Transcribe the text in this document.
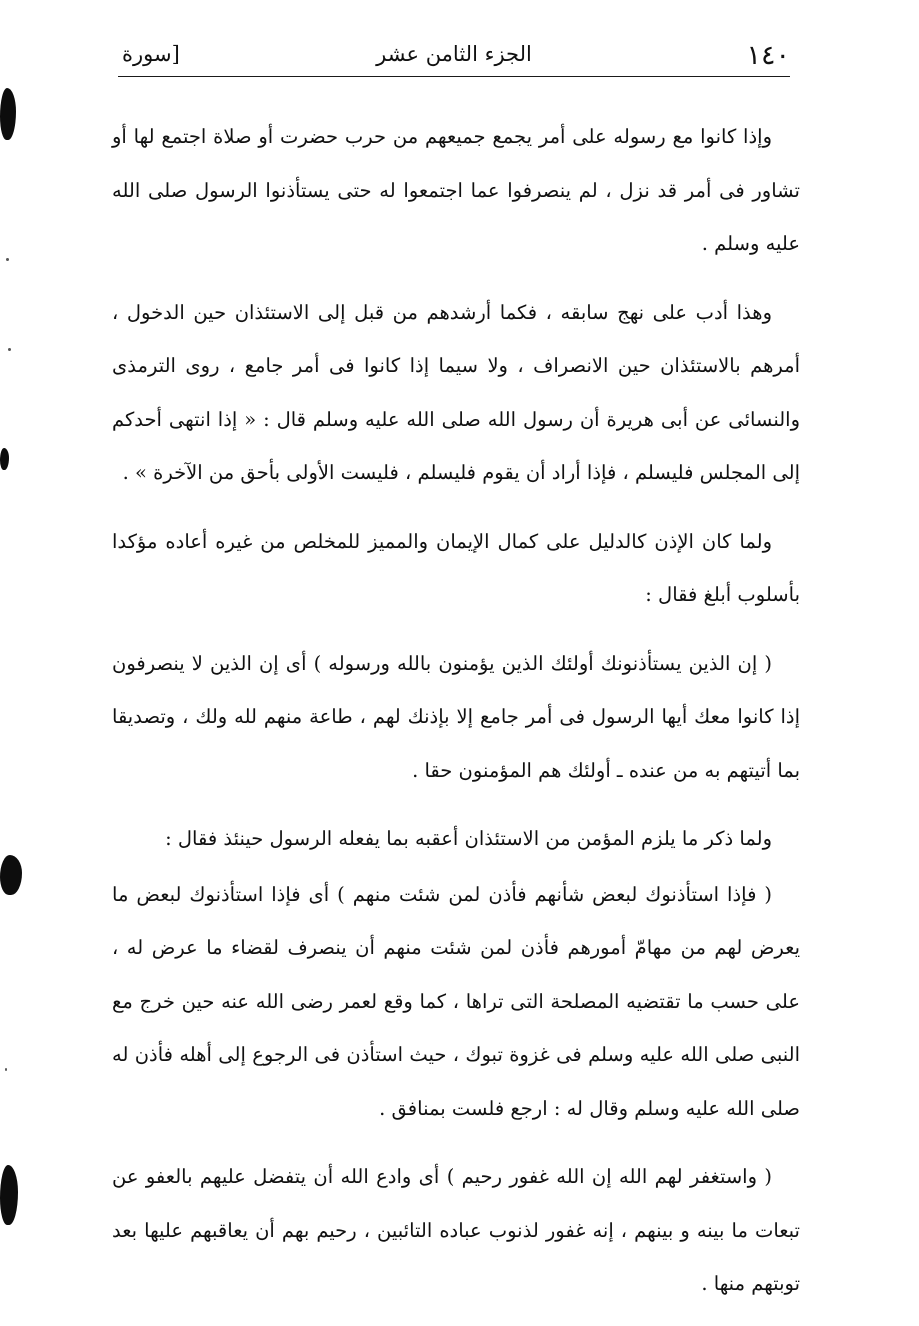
١٤٠
الجزء الثامن عشر
[سورة

وإذا كانوا مع رسوله على أمر يجمع جميعهم من حرب حضرت أو صلاة اجتمع لها أو تشاور فى أمر قد نزل ، لم ينصرفوا عما اجتمعوا له حتى يستأذنوا الرسول صلى الله عليه وسلم .

وهذا أدب على نهج سابقه ، فكما أرشدهم من قبل إلى الاستئذان حين الدخول ، أمرهم بالاستئذان حين الانصراف ، ولا سيما إذا كانوا فى أمر جامع ، روى الترمذى والنسائى عن أبى هريرة أن رسول الله صلى الله عليه وسلم قال : « إذا انتهى أحدكم إلى المجلس فليسلم ، فإذا أراد أن يقوم فليسلم ، فليست الأولى بأحق من الآخرة » .

ولما كان الإذن كالدليل على كمال الإيمان والمميز للمخلص من غيره أعاده مؤكدا بأسلوب أبلغ فقال :

( إن الذين يستأذنونك أولئك الذين يؤمنون بالله ورسوله ) أى إن الذين لا ينصرفون إذا كانوا معك أيها الرسول فى أمر جامع إلا بإذنك لهم ، طاعة منهم لله ولك ، وتصديقا بما أتيتهم به من عنده ـ أولئك هم المؤمنون حقا .

ولما ذكر ما يلزم المؤمن من الاستئذان أعقبه بما يفعله الرسول حينئذ فقال :

( فإذا استأذنوك لبعض شأنهم فأذن لمن شئت منهم ) أى فإذا استأذنوك لبعض ما يعرض لهم من مهامّ أمورهم فأذن لمن شئت منهم أن ينصرف لقضاء ما عرض له ، على حسب ما تقتضيه المصلحة التى تراها ، كما وقع لعمر رضى الله عنه حين خرج مع النبى صلى الله عليه وسلم فى غزوة تبوك ، حيث استأذن فى الرجوع إلى أهله فأذن له صلى الله عليه وسلم وقال له : ارجع فلست بمنافق .

( واستغفر لهم الله إن الله غفور رحيم ) أى وادع الله أن يتفضل عليهم بالعفو عن تبعات ما بينه و بينهم ، إنه غفور لذنوب عباده التائبين ، رحيم بهم أن يعاقبهم عليها بعد توبتهم منها .
